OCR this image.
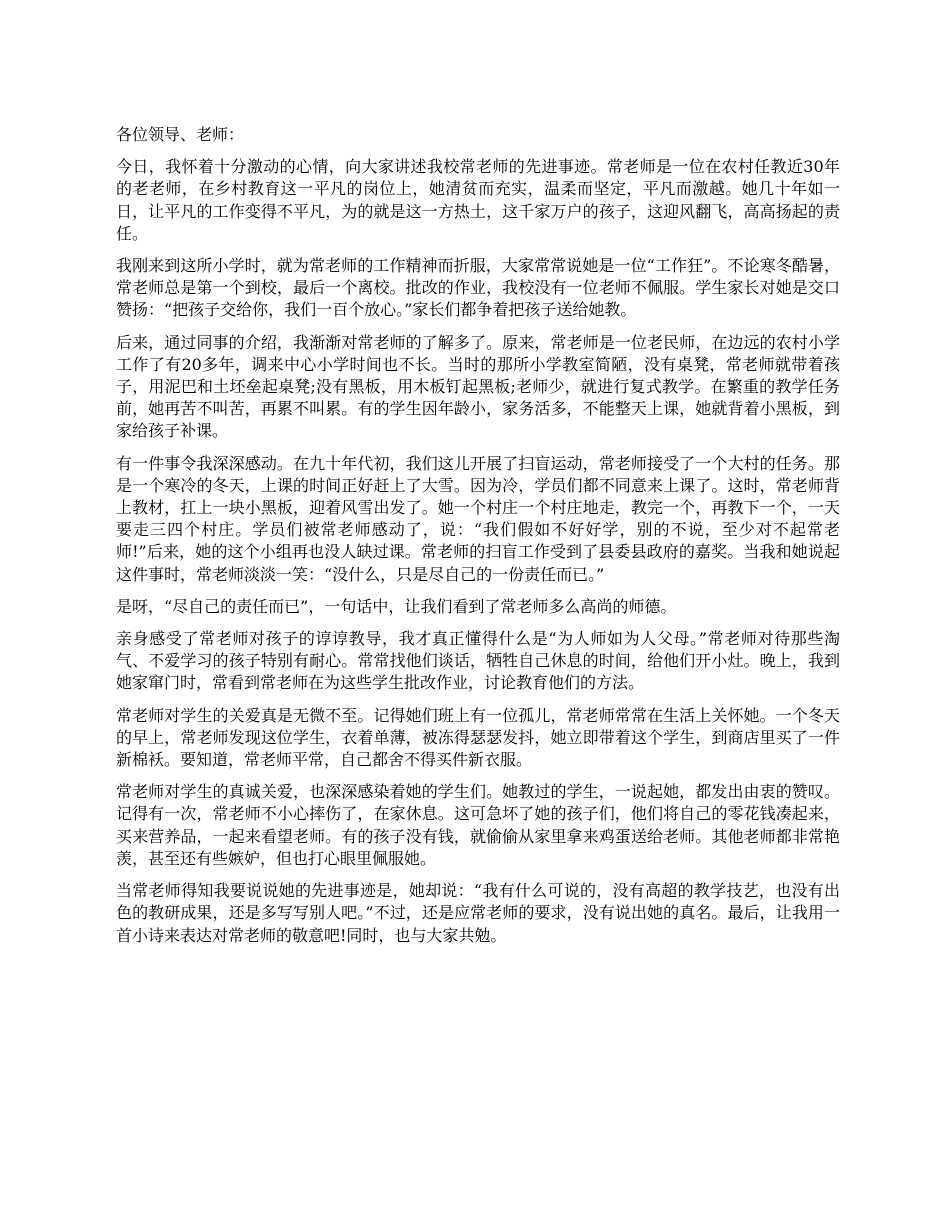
各位领导、老师：

今日，我怀着十分激动的心情，向大家讲述我校常老师的先进事迹。常老师是一位在农村任教近30年的老老师，在乡村教育这一平凡的岗位上，她清贫而充实，温柔而坚定，平凡而激越。她几十年如一日，让平凡的工作变得不平凡，为的就是这一方热土，这千家万户的孩子，这迎风翻飞，高高扬起的责任。

我刚来到这所小学时，就为常老师的工作精神而折服，大家常常说她是一位“工作狂”。不论寒冬酷暑，常老师总是第一个到校，最后一个离校。批改的作业，我校没有一位老师不佩服。学生家长对她是交口赞扬：“把孩子交给你，我们一百个放心。”家长们都争着把孩子送给她教。

后来，通过同事的介绍，我渐渐对常老师的了解多了。原来，常老师是一位老民师，在边远的农村小学工作了有20多年，调来中心小学时间也不长。当时的那所小学教室简陋，没有桌凳，常老师就带着孩子，用泥巴和土坯垒起桌凳;没有黑板，用木板钉起黑板;老师少，就进行复式教学。在繁重的教学任务前，她再苦不叫苦，再累不叫累。有的学生因年龄小，家务活多，不能整天上课，她就背着小黑板，到家给孩子补课。

有一件事令我深深感动。在九十年代初，我们这儿开展了扫盲运动，常老师接受了一个大村的任务。那是一个寒冷的冬天，上课的时间正好赶上了大雪。因为冷，学员们都不同意来上课了。这时，常老师背上教材，扛上一块小黑板，迎着风雪出发了。她一个村庄一个村庄地走，教完一个，再教下一个，一天要走三四个村庄。学员们被常老师感动了，说：“我们假如不好好学，别的不说，至少对不起常老师!”后来，她的这个小组再也没人缺过课。常老师的扫盲工作受到了县委县政府的嘉奖。当我和她说起这件事时，常老师淡淡一笑：“没什么，只是尽自己的一份责任而已。”

是呀，“尽自己的责任而已”，一句话中，让我们看到了常老师多么高尚的师德。

亲身感受了常老师对孩子的谆谆教导，我才真正懂得什么是“为人师如为人父母。”常老师对待那些淘气、不爱学习的孩子特别有耐心。常常找他们谈话，牺牲自己休息的时间，给他们开小灶。晚上，我到她家窜门时，常看到常老师在为这些学生批改作业，讨论教育他们的方法。

常老师对学生的关爱真是无微不至。记得她们班上有一位孤儿，常老师常常在生活上关怀她。一个冬天的早上，常老师发现这位学生，衣着单薄，被冻得瑟瑟发抖，她立即带着这个学生，到商店里买了一件新棉袄。要知道，常老师平常，自己都舍不得买件新衣服。

常老师对学生的真诚关爱，也深深感染着她的学生们。她教过的学生，一说起她，都发出由衷的赞叹。记得有一次，常老师不小心摔伤了，在家休息。这可急坏了她的孩子们，他们将自己的零花钱凑起来，买来营养品，一起来看望老师。有的孩子没有钱，就偷偷从家里拿来鸡蛋送给老师。其他老师都非常艳羡，甚至还有些嫉妒，但也打心眼里佩服她。

当常老师得知我要说说她的先进事迹是，她却说：“我有什么可说的，没有高超的教学技艺，也没有出色的教研成果，还是多写写别人吧。”不过，还是应常老师的要求，没有说出她的真名。最后，让我用一首小诗来表达对常老师的敬意吧!同时，也与大家共勉。
